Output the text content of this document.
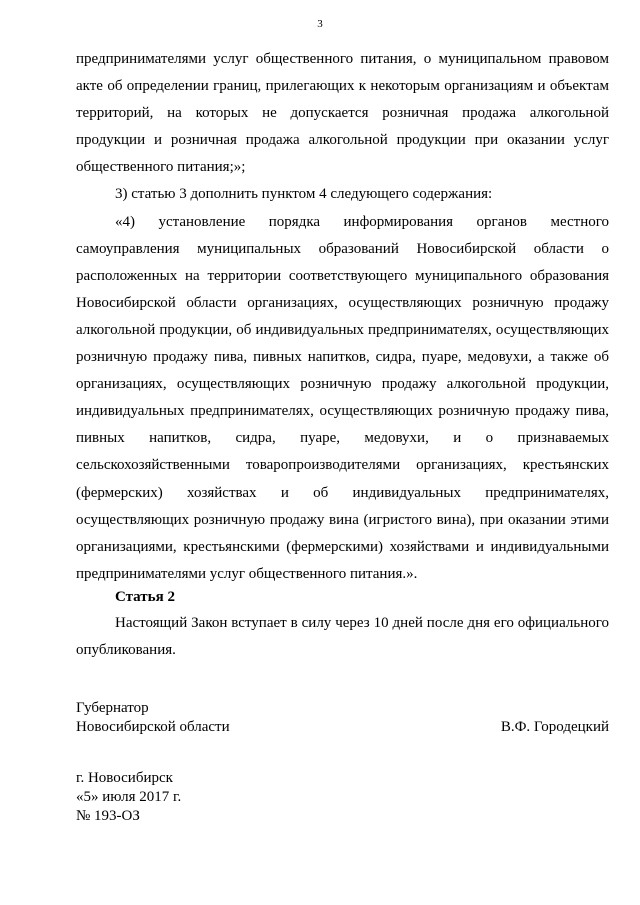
3

предпринимателями услуг общественного питания, о муниципальном правовом акте об определении границ, прилегающих к некоторым организациям и объектам территорий, на которых не допускается розничная продажа алкогольной продукции и розничная продажа алкогольной продукции при оказании услуг общественного питания;»;

3) статью 3 дополнить пунктом 4 следующего содержания:

«4) установление порядка информирования органов местного самоуправления муниципальных образований Новосибирской области о расположенных на территории соответствующего муниципального образования Новосибирской области организациях, осуществляющих розничную продажу алкогольной продукции, об индивидуальных предпринимателях, осуществляющих розничную продажу пива, пивных напитков, сидра, пуаре, медовухи, а также об организациях, осуществляющих розничную продажу алкогольной продукции, индивидуальных предпринимателях, осуществляющих розничную продажу пива, пивных напитков, сидра, пуаре, медовухи, и о признаваемых сельскохозяйственными товаропроизводителями организациях, крестьянских (фермерских) хозяйствах и об индивидуальных предпринимателях, осуществляющих розничную продажу вина (игристого вина), при оказании этими организациями, крестьянскими (фермерскими) хозяйствами и индивидуальными предпринимателями услуг общественного питания.».

Статья 2

Настоящий Закон вступает в силу через 10 дней после дня его официального опубликования.

Губернатор
Новосибирской области	В.Ф. Городецкий
г. Новосибирск
«5» июля 2017 г.
№ 193-ОЗ
